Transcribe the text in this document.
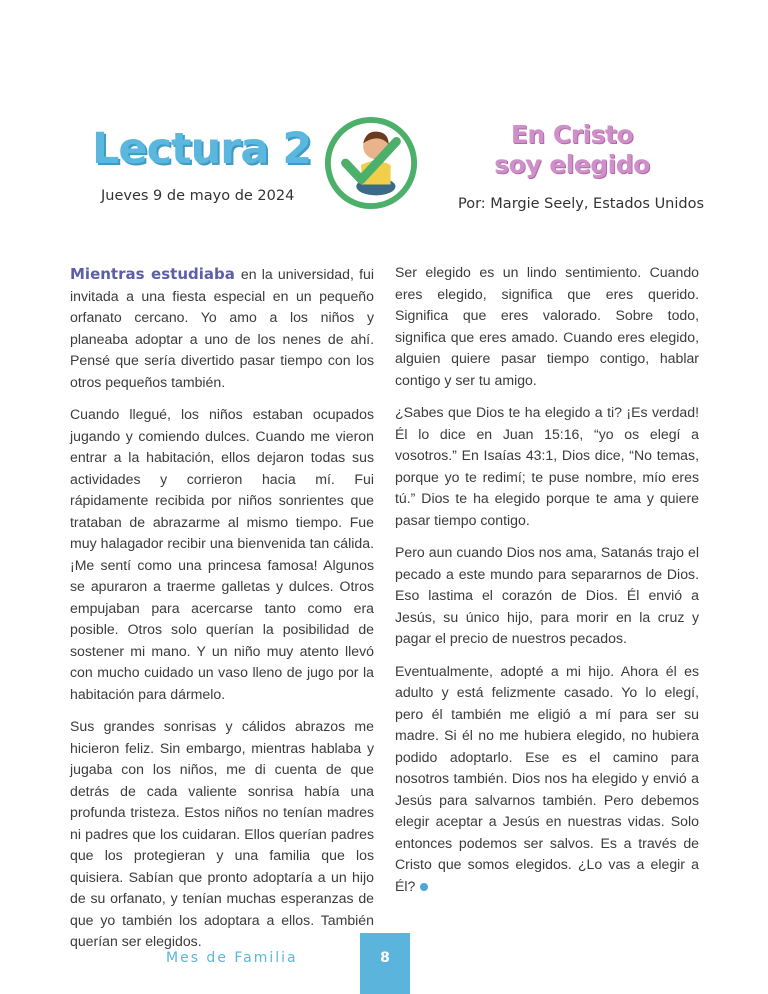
Lectura 2
Jueves 9 de mayo de 2024
En Cristo
soy elegido
Por: Margie Seely, Estados Unidos

Mientras estudiaba en la universidad, fui invitada a una fiesta especial en un pequeño orfanato cercano. Yo amo a los niños y planeaba adoptar a uno de los nenes de ahí. Pensé que sería divertido pasar tiempo con los otros pequeños también.

Cuando llegué, los niños estaban ocupados jugando y comiendo dulces. Cuando me vieron entrar a la habitación, ellos dejaron todas sus actividades y corrieron hacia mí. Fui rápidamente recibida por niños sonrientes que trataban de abrazarme al mismo tiempo. Fue muy halagador recibir una bienvenida tan cálida. ¡Me sentí como una princesa famosa! Algunos se apuraron a traerme galletas y dulces. Otros empujaban para acercarse tanto como era posible. Otros solo querían la posibilidad de sostener mi mano. Y un niño muy atento llevó con mucho cuidado un vaso lleno de jugo por la habitación para dármelo.

Sus grandes sonrisas y cálidos abrazos me hicieron feliz. Sin embargo, mientras hablaba y jugaba con los niños, me di cuenta de que detrás de cada valiente sonrisa había una profunda tristeza. Estos niños no tenían madres ni padres que los cuidaran. Ellos querían padres que los protegieran y una familia que los quisiera. Sabían que pronto adoptaría a un hijo de su orfanato, y tenían muchas esperanzas de que yo también los adoptara a ellos. También querían ser elegidos.

Ser elegido es un lindo sentimiento. Cuando eres elegido, significa que eres querido. Significa que eres valorado. Sobre todo, significa que eres amado. Cuando eres elegido, alguien quiere pasar tiempo contigo, hablar contigo y ser tu amigo.

¿Sabes que Dios te ha elegido a ti? ¡Es verdad! Él lo dice en Juan 15:16, “yo os elegí a vosotros.” En Isaías 43:1, Dios dice, “No temas, porque yo te redimí; te puse nombre, mío eres tú.” Dios te ha elegido porque te ama y quiere pasar tiempo contigo.

Pero aun cuando Dios nos ama, Satanás trajo el pecado a este mundo para separarnos de Dios. Eso lastima el corazón de Dios. Él envió a Jesús, su único hijo, para morir en la cruz y pagar el precio de nuestros pecados.

Eventualmente, adopté a mi hijo. Ahora él es adulto y está felizmente casado. Yo lo elegí, pero él también me eligió a mí para ser su madre. Si él no me hubiera elegido, no hubiera podido adoptarlo. Ese es el camino para nosotros también. Dios nos ha elegido y envió a Jesús para salvarnos también. Pero debemos elegir aceptar a Jesús en nuestras vidas. Solo entonces podemos ser salvos. Es a través de Cristo que somos elegidos. ¿Lo vas a elegir a Él?

Mes de Familia	8
